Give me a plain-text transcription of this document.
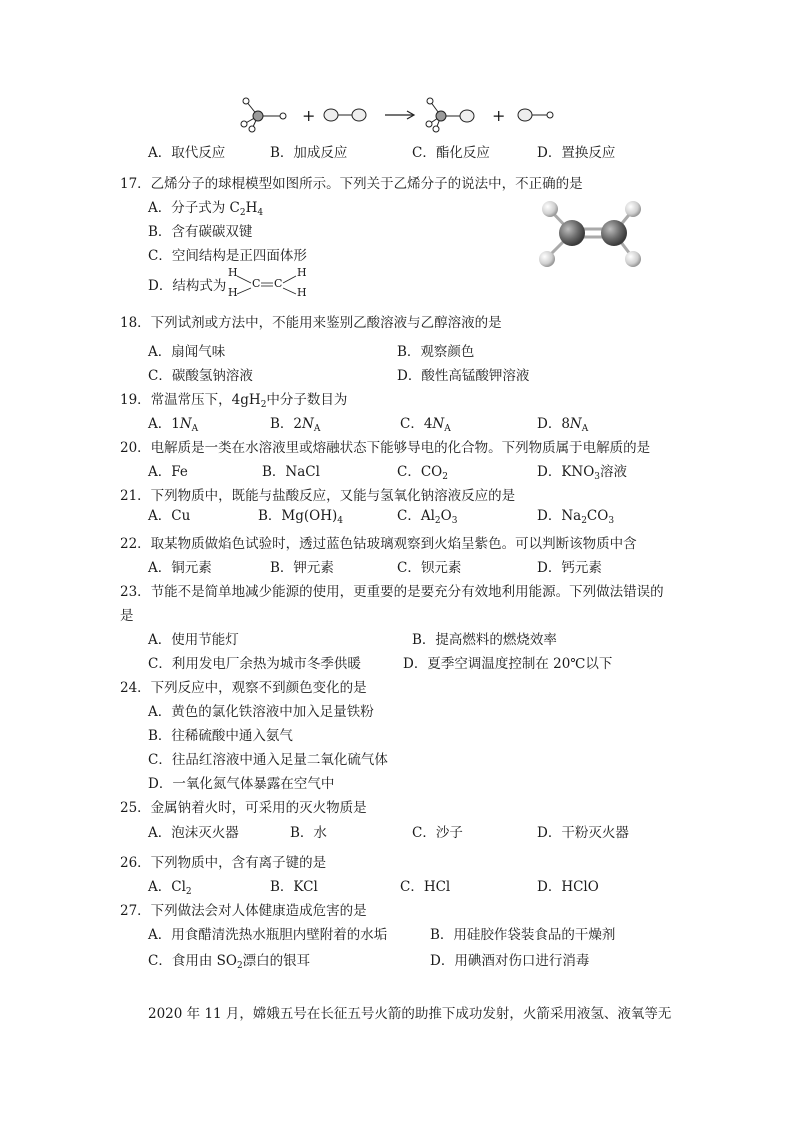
+	+
A．取代反应	B．加成反应	C．酯化反应	D．置换反应
17．乙烯分子的球棍模型如图所示。下列关于乙烯分子的说法中，不正确的是
A．分子式为 $C_2H_4$
B．含有碳碳双键
C．空间结构是正四面体形
D．结构式为
H
H
C C
H
H
18．下列试剂或方法中，不能用来鉴别乙酸溶液与乙醇溶液的是
A．扇闻气味	B．观察颜色
C．碳酸氢钠溶液	D．酸性高锰酸钾溶液
19．常温常压下，$4gH_2$中分子数目为
A．$1N_A$	B．$2N_A$	C．$4N_A$	D．$8N_A$
20．电解质是一类在水溶液里或熔融状态下能够导电的化合物。下列物质属于电解质的是
A．Fe	B．NaCl	C．$CO_2$	D．$KNO_3$溶液
21．下列物质中，既能与盐酸反应，又能与氢氧化钠溶液反应的是
A．Cu	B．$Mg(OH)_4$	C．$Al_2O_3$	D．$Na_2CO_3$
22．取某物质做焰色试验时，透过蓝色钴玻璃观察到火焰呈紫色。可以判断该物质中含
A．铜元素	B．钾元素	C．钡元素	D．钙元素
23．节能不是简单地减少能源的使用，更重要的是要充分有效地利用能源。下列做法错误的
是
A．使用节能灯	B．提高燃料的燃烧效率
C．利用发电厂余热为城市冬季供暖	D．夏季空调温度控制在 20℃以下
24．下列反应中，观察不到颜色变化的是
A．黄色的氯化铁溶液中加入足量铁粉
B．往稀硫酸中通入氨气
C．往品红溶液中通入足量二氧化硫气体
D．一氧化氮气体暴露在空气中
25．金属钠着火时，可采用的灭火物质是
A．泡沫灭火器	B．水	C．沙子	D．干粉灭火器
26．下列物质中，含有离子键的是
A．$Cl_2$	B．KCl	C．HCl	D．HClO
27．下列做法会对人体健康造成危害的是
A．用食醋清洗热水瓶胆内壁附着的水垢	B．用硅胶作袋装食品的干燥剂
C．食用由 $SO_2$漂白的银耳	D．用碘酒对伤口进行消毒
2020 年 11 月，嫦娥五号在长征五号火箭的助推下成功发射，火箭采用液氢、液氧等无
